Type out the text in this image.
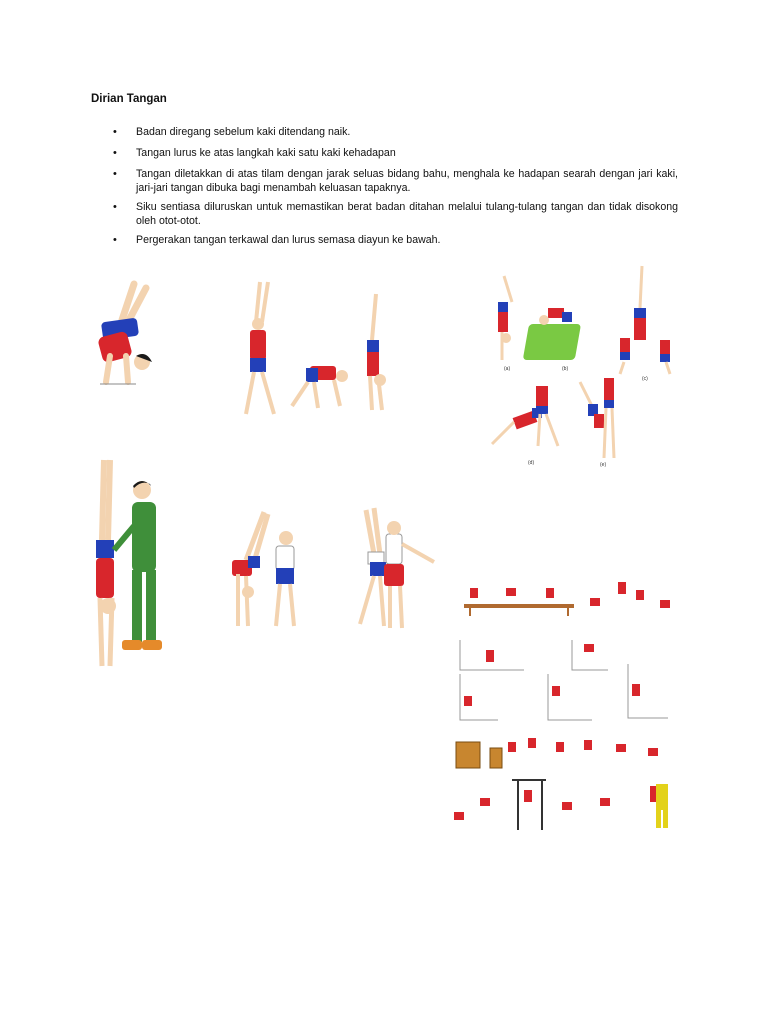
Dirian Tangan
• Badan diregang sebelum kaki ditendang naik.
• Tangan lurus ke atas langkah kaki satu kaki kehadapan
• Tangan diletakkan di atas tilam dengan jarak seluas bidang bahu, menghala ke hadapan searah dengan jari kaki, jari-jari tangan dibuka bagi menambah keluasan tapaknya.
• Siku sentiasa diluruskan untuk memastikan berat badan ditahan melalui tulang-tulang tangan dan tidak disokong oleh otot-otot.
• Pergerakan tangan terkawal dan lurus semasa diayun ke bawah.
(a)	(b)
(c)
(d)	(e)
